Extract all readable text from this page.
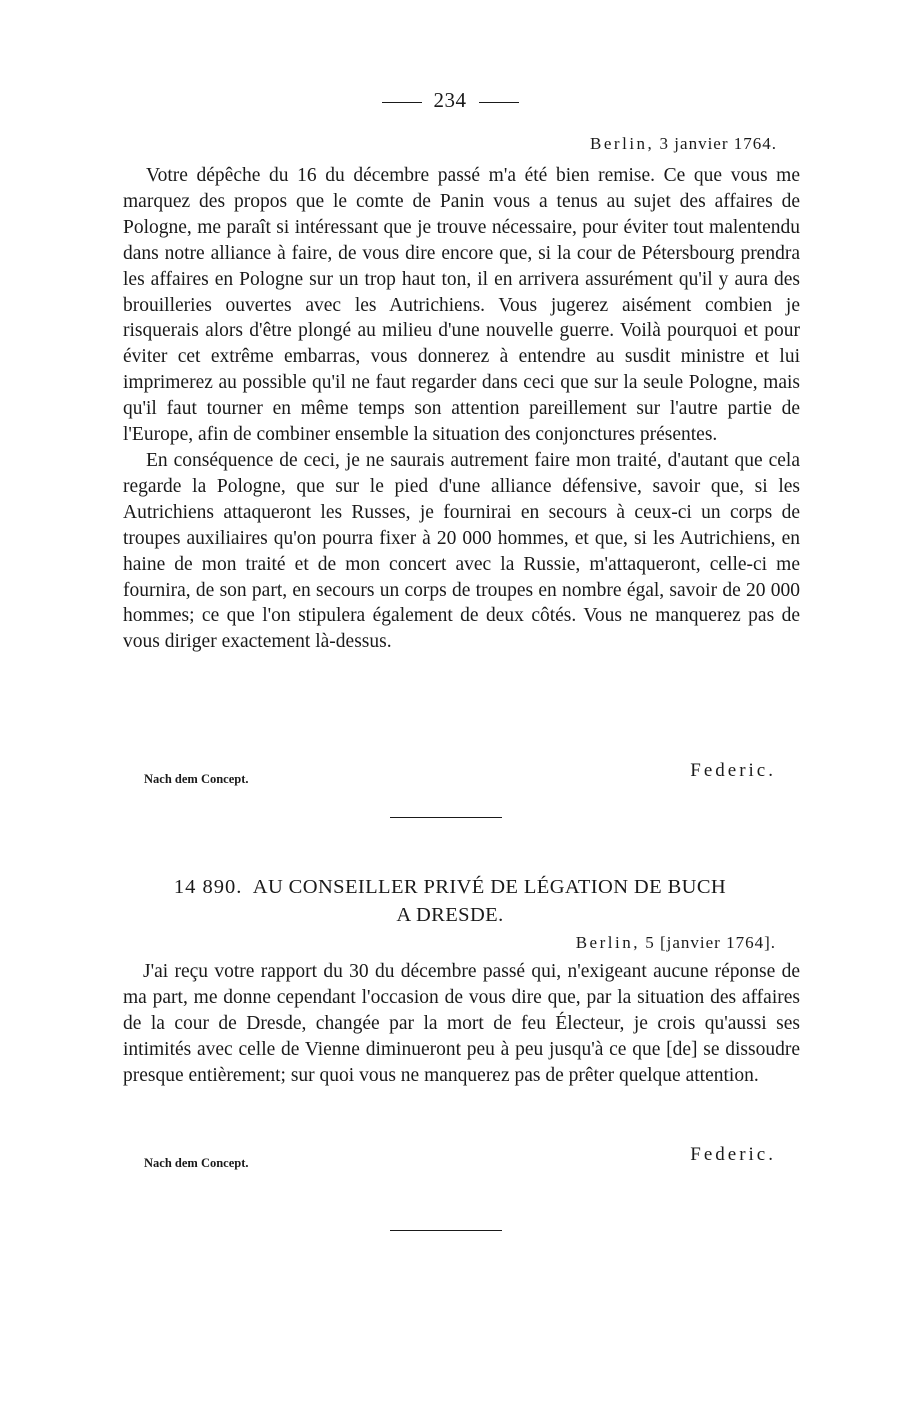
234
Berlin, 3 janvier 1764.

Votre dépêche du 16 du décembre passé m'a été bien remise. Ce que vous me marquez des propos que le comte de Panin vous a tenus au sujet des affaires de Pologne, me paraît si intéressant que je trouve nécessaire, pour éviter tout malentendu dans notre alliance à faire, de vous dire encore que, si la cour de Pétersbourg prendra les affaires en Pologne sur un trop haut ton, il en arrivera assurément qu'il y aura des brouilleries ouvertes avec les Autrichiens. Vous jugerez aisément combien je risquerais alors d'être plongé au milieu d'une nouvelle guerre. Voilà pourquoi et pour éviter cet extrême embarras, vous donnerez à entendre au susdit ministre et lui imprimerez au possible qu'il ne faut regarder dans ceci que sur la seule Pologne, mais qu'il faut tourner en même temps son attention pareillement sur l'autre partie de l'Europe, afin de combiner ensemble la situation des conjonctures présentes.

En conséquence de ceci, je ne saurais autrement faire mon traité, d'autant que cela regarde la Pologne, que sur le pied d'une alliance défensive, savoir que, si les Autrichiens attaqueront les Russes, je fournirai en secours à ceux-ci un corps de troupes auxiliaires qu'on pourra fixer à 20 000 hommes, et que, si les Autrichiens, en haine de mon traité et de mon concert avec la Russie, m'attaqueront, celle-ci me fournira, de son part, en secours un corps de troupes en nombre égal, savoir de 20 000 hommes; ce que l'on stipulera également de deux côtés. Vous ne manquerez pas de vous diriger exactement là-dessus.

Nach dem Concept.	Federic.
14 890. AU CONSEILLER PRIVÉ DE LÉGATION DE BUCH
A DRESDE.
Berlin, 5 [janvier 1764].

J'ai reçu votre rapport du 30 du décembre passé qui, n'exigeant aucune réponse de ma part, me donne cependant l'occasion de vous dire que, par la situation des affaires de la cour de Dresde, changée par la mort de feu Électeur, je crois qu'aussi ses intimités avec celle de Vienne diminueront peu à peu jusqu'à ce que [de] se dissoudre presque entièrement; sur quoi vous ne manquerez pas de prêter quelque attention.

Nach dem Concept.	Federic.
